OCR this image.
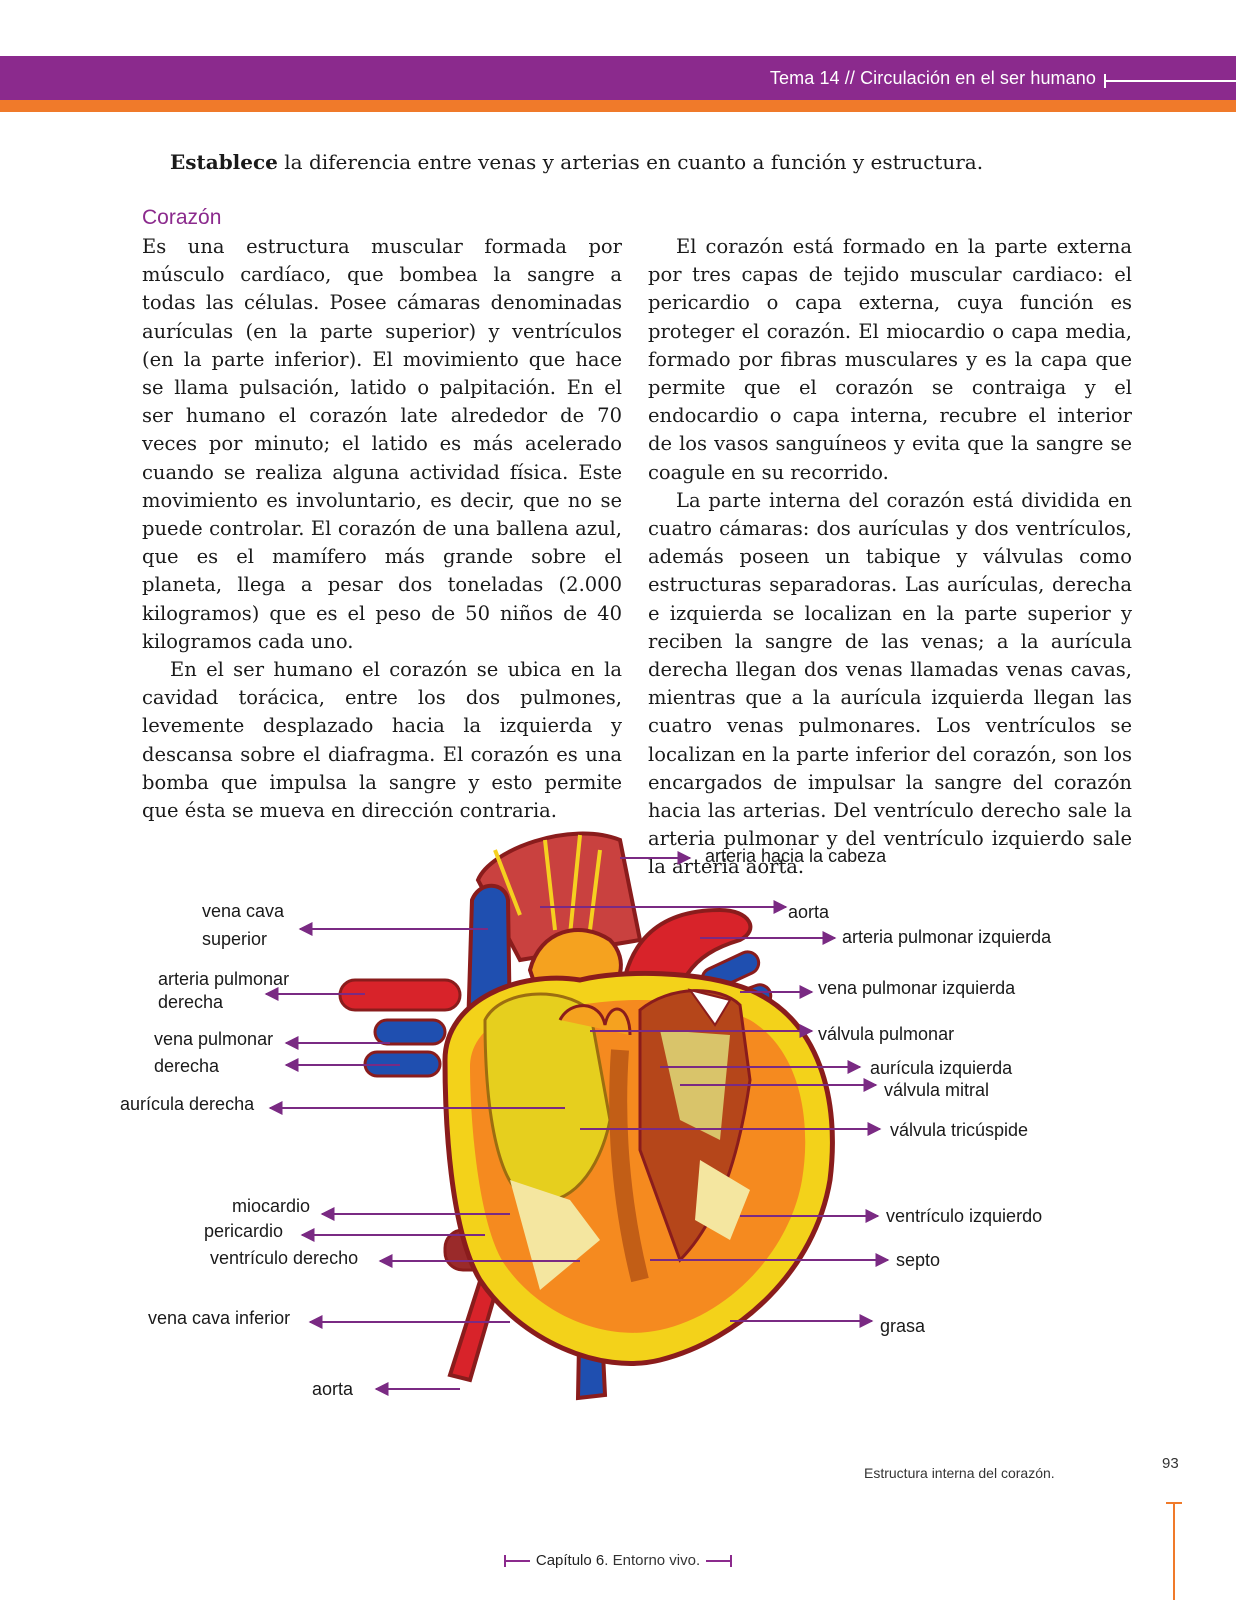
Tema 14 // Circulación en el ser humano
Establece la diferencia entre venas y arterias en cuanto a función y estructura.
Corazón

Es una estructura muscular formada por músculo cardíaco, que bombea la sangre a todas las células. Posee cámaras denominadas aurículas (en la parte superior) y ventrículos (en la parte inferior). El movimiento que hace se llama pulsación, latido o palpitación. En el ser humano el corazón late alrededor de 70 veces por minuto; el latido es más acelerado cuando se realiza alguna actividad física. Este movimiento es involuntario, es decir, que no se puede controlar. El corazón de una ballena azul, que es el mamífero más grande sobre el planeta, llega a pesar dos toneladas (2.000 kilogramos) que es el peso de 50 niños de 40 kilogramos cada uno.

En el ser humano el corazón se ubica en la cavidad torácica, entre los dos pulmones, levemente desplazado hacia la izquierda y descansa sobre el diafragma. El corazón es una bomba que impulsa la sangre y esto permite que ésta se mueva en dirección contraria.

El corazón está formado en la parte externa por tres capas de tejido muscular cardiaco: el pericardio o capa externa, cuya función es proteger el corazón. El miocardio o capa media, formado por fibras musculares y es la capa que permite que el corazón se contraiga y el endocardio o capa interna, recubre el interior de los vasos sanguíneos y evita que la sangre se coagule en su recorrido.

La parte interna del corazón está dividida en cuatro cámaras: dos aurículas y dos ventrículos, además poseen un tabique y válvulas como estructuras separadoras. Las aurículas, derecha e izquierda se localizan en la parte superior y reciben la sangre de las venas; a la aurícula derecha llegan dos venas llamadas venas cavas, mientras que a la aurícula izquierda llegan las cuatro venas pulmonares. Los ventrículos se localizan en la parte inferior del corazón, son los encargados de impulsar la sangre del corazón hacia las arterias. Del ventrículo derecho sale la arteria pulmonar y del ventrículo izquierdo sale la arteria aorta.

arteria hacia la cabeza
aorta
arteria pulmonar izquierda
vena pulmonar izquierda
válvula pulmonar
aurícula izquierda
válvula mitral
válvula tricúspide
ventrículo izquierdo
septo
grasa
vena cava
superior
arteria pulmonar
derecha
vena pulmonar
derecha
aurícula derecha
miocardio
pericardio
ventrículo derecho
vena cava inferior
aorta
Estructura interna del corazón.
93
Capítulo 6. Entorno vivo.
